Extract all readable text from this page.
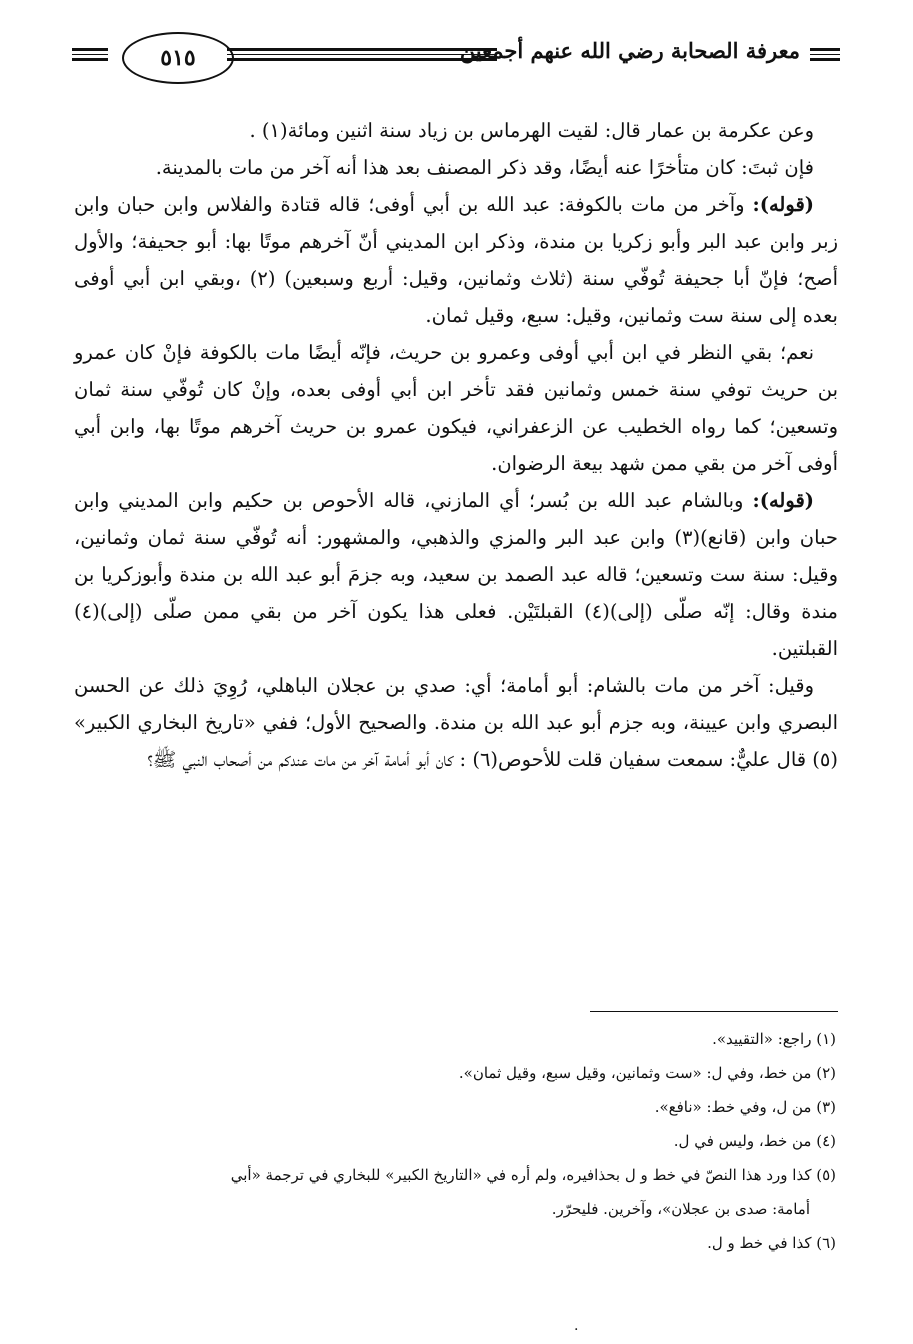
٥١٥	معرفة الصحابة رضي الله عنهم أجمعين

وعن عكرمة بن عمار قال: لقيت الهرماس بن زياد سنة اثنين ومائة(١) .

فإن ثبتَ: كان متأخرًا عنه أيضًا، وقد ذكر المصنف بعد هذا أنه آخر من مات بالمدينة.

(قوله): وآخر من مات بالكوفة: عبد الله بن أبي أوفى؛ قاله قتادة والفلاس وابن حبان وابن زبر وابن عبد البر وأبو زكريا بن مندة، وذكر ابن المديني أنّ آخرهم موتًا بها: أبو جحيفة؛ والأول أصح؛ فإنّ أبا جحيفة تُوفّي سنة (ثلاث وثمانين، وقيل: أربع وسبعين) (٢) ،وبقي ابن أبي أوفى بعده إلى سنة ست وثمانين، وقيل: سبع، وقيل ثمان.

نعم؛ بقي النظر في ابن أبي أوفى وعمرو بن حريث، فإنّه أيضًا مات بالكوفة فإنْ كان عمرو بن حريث توفي سنة خمس وثمانين فقد تأخر ابن أبي أوفى بعده، وإنْ كان تُوفّي سنة ثمان وتسعين؛ كما رواه الخطيب عن الزعفراني، فيكون عمرو بن حريث آخرهم موتًا بها، وابن أبي أوفى آخر من بقي ممن شهد بيعة الرضوان.

(قوله): وبالشام عبد الله بن بُسر؛ أي المازني، قاله الأحوص بن حكيم وابن المديني وابن حبان وابن (قانع)(٣) وابن عبد البر والمزي والذهبي، والمشهور: أنه تُوفّي سنة ثمان وثمانين، وقيل: سنة ست وتسعين؛ قاله عبد الصمد بن سعيد، وبه جزمَ أبو عبد الله بن مندة وأبوزكريا بن مندة وقال: إنّه صلّى (إلى)(٤) القبلتَيْن. فعلى هذا يكون آخر من بقي ممن صلّى (إلى)(٤) القبلتين.

وقيل: آخر من مات بالشام: أبو أمامة؛ أي: صدي بن عجلان الباهلي، رُوِيَ ذلك عن الحسن البصري وابن عيينة، وبه جزم أبو عبد الله بن مندة. والصحيح الأول؛ ففي «تاريخ البخاري الكبير» (٥) قال عليٌّ: سمعت سفيان قلت للأحوص(٦) : كان أبو أمامة آخر من مات عندكم من أصحاب النبي ﷺ؟

(١) راجع: «التقييد».

(٢) من خط، وفي ل: «ست وثمانين، وقيل سبع، وقيل ثمان».

(٣) من ل، وفي خط: «نافع».

(٤) من خط، وليس في ل.

(٥) كذا ورد هذا النصّ في خط و ل بحذافيره، ولم أره في «التاريخ الكبير» للبخاري في ترجمة «أبي

أمامة: صدى بن عجلان»، وآخرين. فليحرّر.

(٦) كذا في خط و ل.

.
